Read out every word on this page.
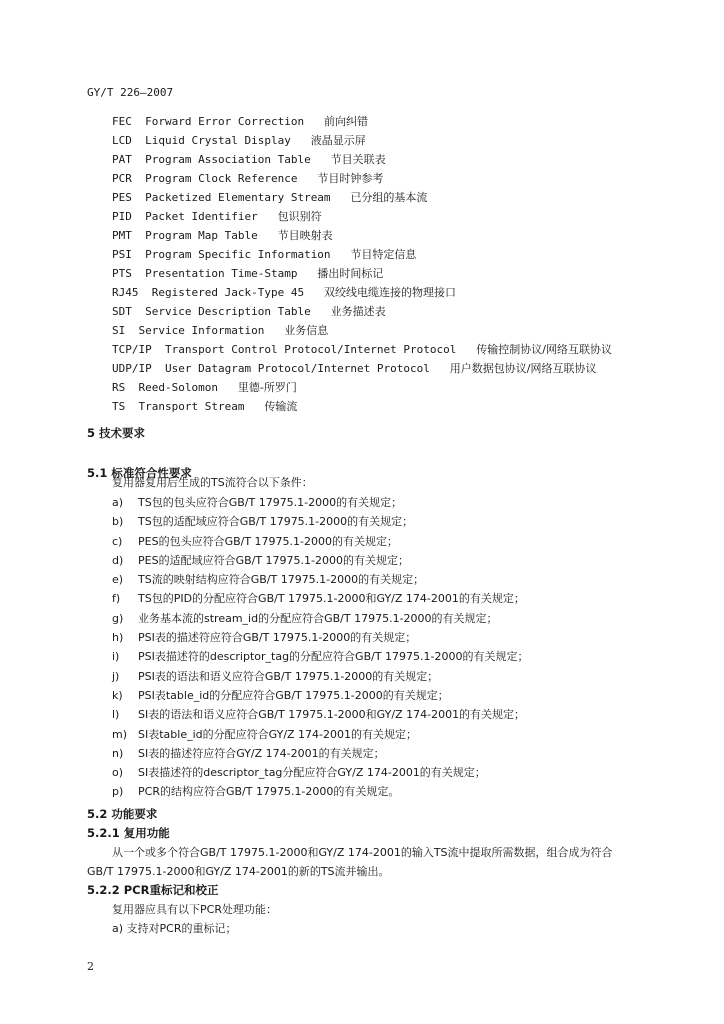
GY/T 226—2007
FEC Forward Error Correction 前向纠错
LCD Liquid Crystal Display 液晶显示屏
PAT Program Association Table 节目关联表
PCR Program Clock Reference 节目时钟参考
PES Packetized Elementary Stream 已分组的基本流
PID Packet Identifier 包识别符
PMT Program Map Table 节目映射表
PSI Program Specific Information 节目特定信息
PTS Presentation Time-Stamp 播出时间标记
RJ45 Registered Jack-Type 45 双绞线电缆连接的物理接口
SDT Service Description Table 业务描述表
SI Service Information 业务信息
TCP/IP Transport Control Protocol/Internet Protocol 传输控制协议/网络互联协议
UDP/IP User Datagram Protocol/Internet Protocol 用户数据包协议/网络互联协议
RS Reed-Solomon 里德-所罗门
TS Transport Stream 传输流
5 技术要求
5.1 标准符合性要求
复用器复用后生成的TS流符合以下条件：
a) TS包的包头应符合GB/T 17975.1-2000的有关规定；
b) TS包的适配域应符合GB/T 17975.1-2000的有关规定；
c) PES的包头应符合GB/T 17975.1-2000的有关规定；
d) PES的适配域应符合GB/T 17975.1-2000的有关规定；
e) TS流的映射结构应符合GB/T 17975.1-2000的有关规定；
f) TS包的PID的分配应符合GB/T 17975.1-2000和GY/Z 174-2001的有关规定；
g) 业务基本流的stream_id的分配应符合GB/T 17975.1-2000的有关规定；
h) PSI表的描述符应符合GB/T 17975.1-2000的有关规定；
i) PSI表描述符的descriptor_tag的分配应符合GB/T 17975.1-2000的有关规定；
j) PSI表的语法和语义应符合GB/T 17975.1-2000的有关规定；
k) PSI表table_id的分配应符合GB/T 17975.1-2000的有关规定；
l) SI表的语法和语义应符合GB/T 17975.1-2000和GY/Z 174-2001的有关规定；
m) SI表table_id的分配应符合GY/Z 174-2001的有关规定；
n) SI表的描述符应符合GY/Z 174-2001的有关规定；
o) SI表描述符的descriptor_tag分配应符合GY/Z 174-2001的有关规定；
p) PCR的结构应符合GB/T 17975.1-2000的有关规定。
5.2 功能要求
5.2.1 复用功能
从一个或多个符合GB/T 17975.1-2000和GY/Z 174-2001的输入TS流中提取所需数据，组合成为符合
GB/T 17975.1-2000和GY/Z 174-2001的新的TS流并输出。
5.2.2 PCR重标记和校正
复用器应具有以下PCR处理功能：
a) 支持对PCR的重标记；
2
